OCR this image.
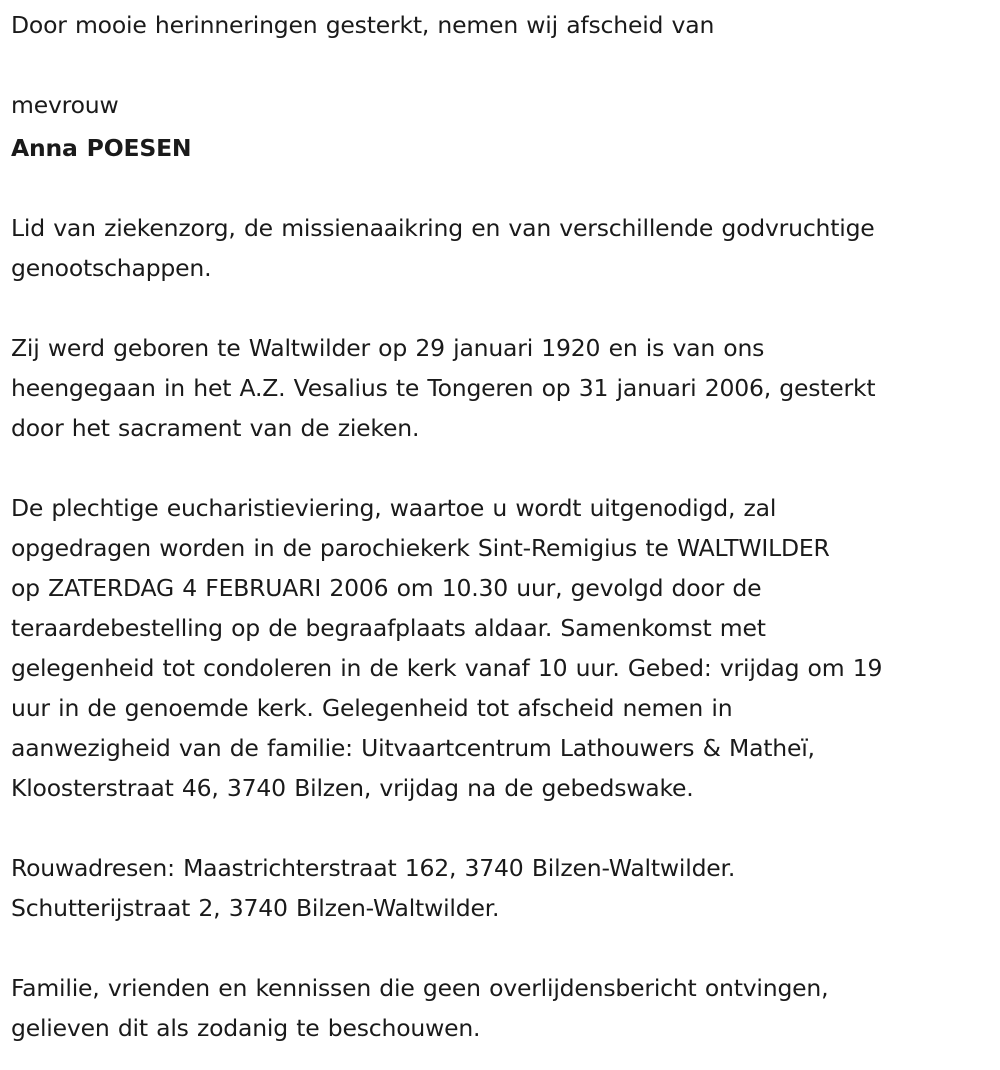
Door mooie herinneringen gesterkt, nemen wij afscheid van

mevrouw

Anna POESEN

Lid van ziekenzorg, de missienaaikring en van verschillende godvruchtige
genootschappen.

Zij werd geboren te Waltwilder op 29 januari 1920 en is van ons
heengegaan in het A.Z. Vesalius te Tongeren op 31 januari 2006, gesterkt
door het sacrament van de zieken.

De plechtige eucharistieviering, waartoe u wordt uitgenodigd, zal
opgedragen worden in de parochiekerk Sint-Remigius te WALTWILDER
op ZATERDAG 4 FEBRUARI 2006 om 10.30 uur, gevolgd door de
teraardebestelling op de begraafplaats aldaar. Samenkomst met
gelegenheid tot condoleren in de kerk vanaf 10 uur. Gebed: vrijdag om 19
uur in de genoemde kerk. Gelegenheid tot afscheid nemen in
aanwezigheid van de familie: Uitvaartcentrum Lathouwers & Matheï,
Kloosterstraat 46, 3740 Bilzen, vrijdag na de gebedswake.

Rouwadresen: Maastrichterstraat 162, 3740 Bilzen-Waltwilder.
Schutterijstraat 2, 3740 Bilzen-Waltwilder.

Familie, vrienden en kennissen die geen overlijdensbericht ontvingen,
gelieven dit als zodanig te beschouwen.
